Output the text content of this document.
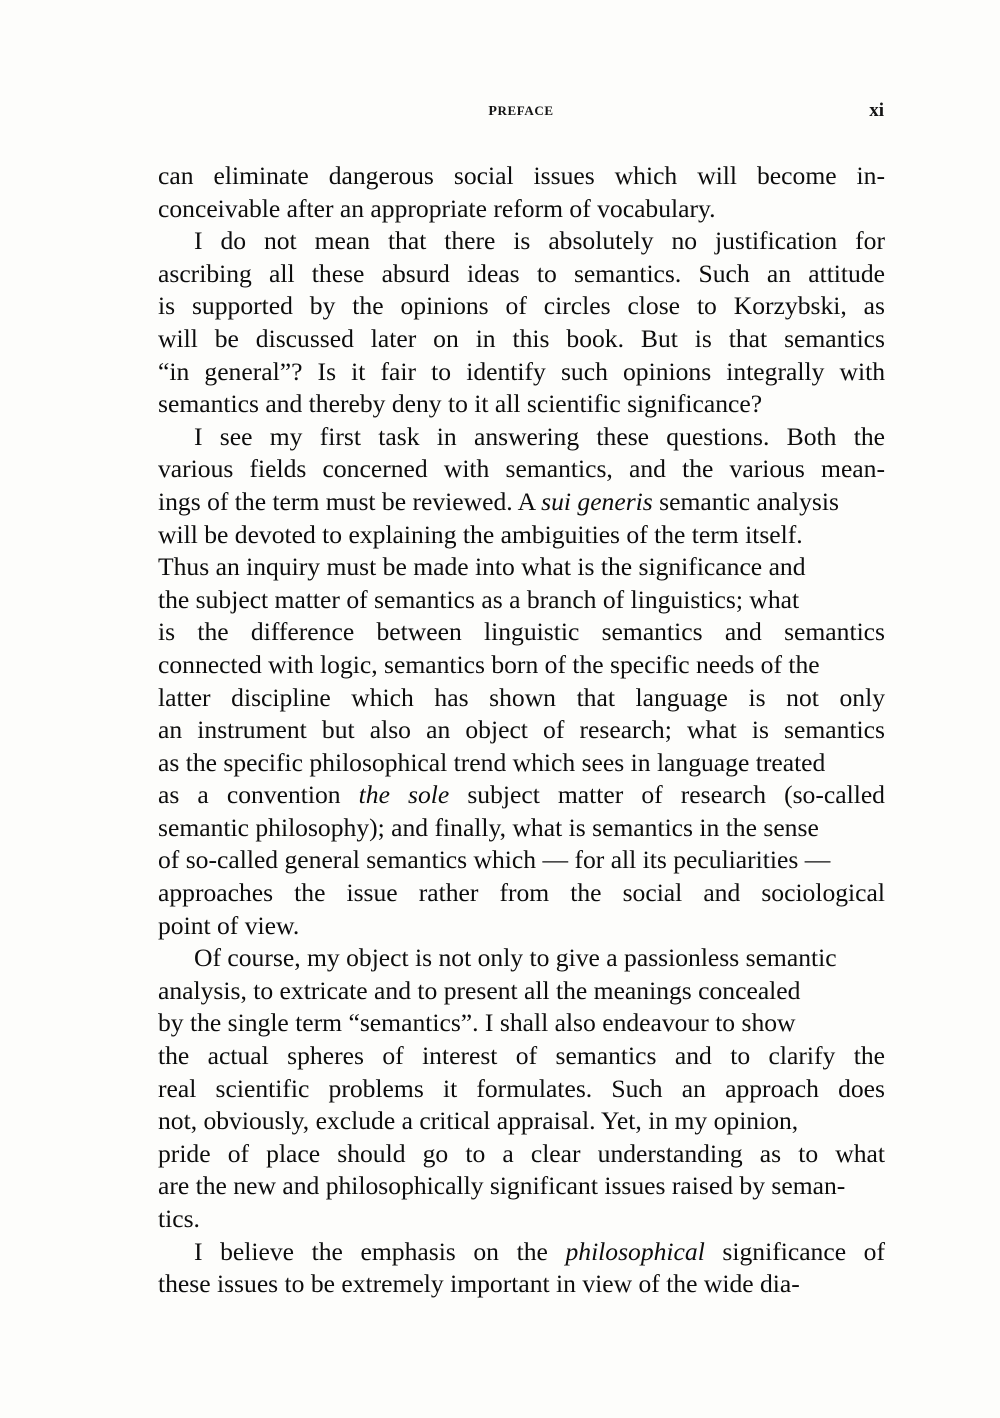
preface	xi

can eliminate dangerous social issues which will become in-
conceivable after an appropriate reform of vocabulary.

I do not mean that there is absolutely no justification for
ascribing all these absurd ideas to semantics. Such an attitude
is supported by the opinions of circles close to Korzybski, as
will be discussed later on in this book. But is that semantics
“in general”? Is it fair to identify such opinions integrally with
semantics and thereby deny to it all scientific significance?

I see my first task in answering these questions. Both the
various fields concerned with semantics, and the various mean-
ings of the term must be reviewed. A sui generis semantic analysis
will be devoted to explaining the ambiguities of the term itself.
Thus an inquiry must be made into what is the significance and
the subject matter of semantics as a branch of linguistics; what
is the difference between linguistic semantics and semantics
connected with logic, semantics born of the specific needs of the
latter discipline which has shown that language is not only
an instrument but also an object of research; what is semantics
as the specific philosophical trend which sees in language treated
as a convention the sole subject matter of research (so-called
semantic philosophy); and finally, what is semantics in the sense
of so-called general semantics which — for all its peculiarities —
approaches the issue rather from the social and sociological
point of view.

Of course, my object is not only to give a passionless semantic
analysis, to extricate and to present all the meanings concealed
by the single term “semantics”. I shall also endeavour to show
the actual spheres of interest of semantics and to clarify the
real scientific problems it formulates. Such an approach does
not, obviously, exclude a critical appraisal. Yet, in my opinion,
pride of place should go to a clear understanding as to what
are the new and philosophically significant issues raised by seman-
tics.

I believe the emphasis on the philosophical significance of
these issues to be extremely important in view of the wide dia-
